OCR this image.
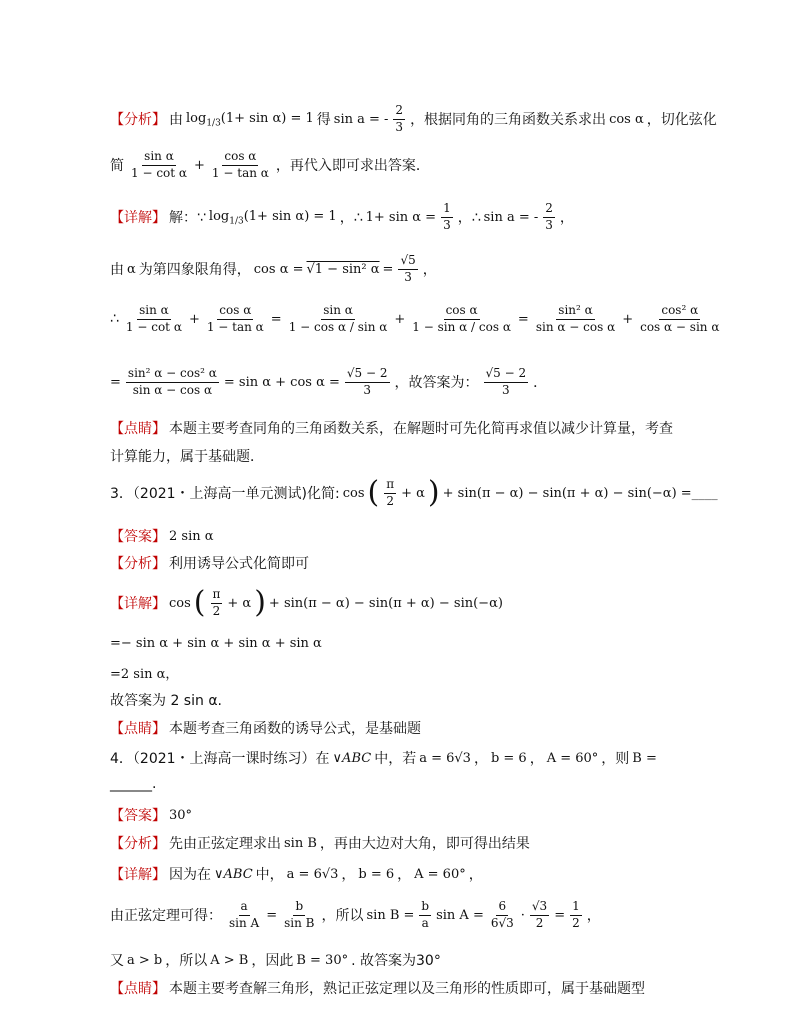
【分析】 由 $\log_{1/3}(1+ \sin \alpha) = 1$ 得 sin a = - $\frac{2}{3}$ ，根据同角的三角函数关系求出 cos α ，切化弦化
简 $\frac{\text{sin α}}{\text{1 − cot α}} + \frac{\text{cos α}}{\text{1 − tan α}}$ ，再代入即可求出答案．
【详解】 解：∵ $\log_{1/3}(1+ \sin \alpha) = 1$ ，∴ $1+ \sin \alpha = \frac{1}{3}$ ，∴ sin a = - $\frac{2}{3}$ ，
由 α 为第四象限角得， cos α = √1 − sin² $\alpha = \frac{√5}{3}$ ，
∴ $\frac{\text{sin α}}{\text{1 − cot α}} + \frac{\text{cos α}}{\text{1 − tan α}} = \frac{\text{sin α}}{\text{1 − cos α / sin α}} + \frac{\text{cos α}}{\text{1 − sin α / cos α}} = \frac{\text{sin² α}}{\text{sin α − cos α}} + \frac{\text{cos² α}}{\text{cos α − sin α}}$
= $\frac{\text{sin² α − cos² α}}{\text{sin α − cos α}} = \sin \alpha + \cos \alpha = \frac{√5 - 2}{3}$ ，故答案为： $\frac{√5 - 2}{3}$ ．
【点睛】 本题主要考查同角的三角函数关系，在解题时可先化简再求值以减少计算量，考查
计算能力，属于基础题．
3．（2021・上海高一单元测试)化简: cos ( $\frac{\pi}{2} + \alpha$ ) + sin(π − α) − sin(π + α) − sin(−α) =____
【答案】 2 sin α
【分析】 利用诱导公式化简即可
【详解】 cos ( $\frac{\pi}{2} + \alpha$ ) + sin(π − α) − sin(π + α) − sin(−α)
=− sin α + sin α + sin α + sin α
=2 sin α，
故答案为 2 sin α.
【点睛】 本题考查三角函数的诱导公式，是基础题
4．（2021・上海高一课时练习）在 ∨ABC 中，若 a = 6√3 ， b = 6 ， A = 60° ，则 B =
______.
【答案】 30°
【分析】 先由正弦定理求出 sin B ，再由大边对大角，即可得出结果
【详解】 因为在 ∨ABC 中， a = 6√3 ， b = 6 ， A = 60° ，
由正弦定理可得： $\frac{a}{\text{sin A}} = \frac{b}{\text{sin B}}$ ，所以 $\sin B = \frac{b}{a}$ $\sin A = \frac{6}{6√3} \cdot \frac{√3}{2} = \frac{1}{2}$ ，
又 a > b ，所以 A > B ，因此 B = 30° . 故答案为30°
【点睛】 本题主要考查解三角形，熟记正弦定理以及三角形的性质即可，属于基础题型
